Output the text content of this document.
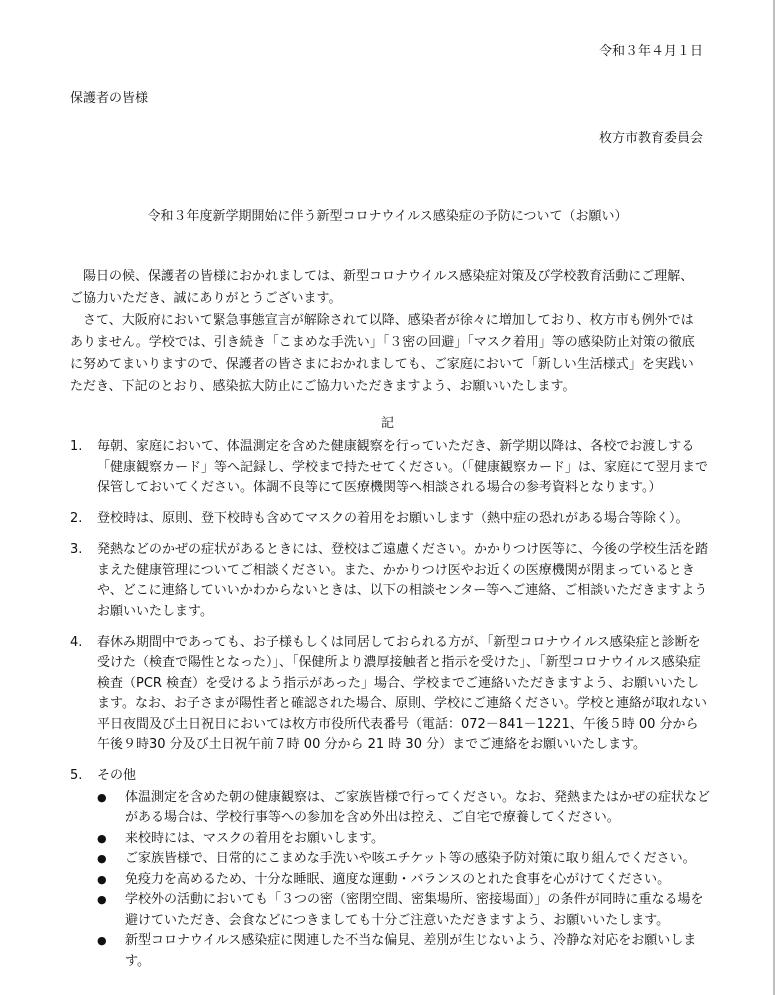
令和３年４月１日
保護者の皆様
枚方市教育委員会
令和３年度新学期開始に伴う新型コロナウイルス感染症の予防について（お願い）

陽日の候、保護者の皆様におかれましては、新型コロナウイルス感染症対策及び学校教育活動にご理解、ご協力いただき、誠にありがとうございます。

さて、大阪府において緊急事態宣言が解除されて以降、感染者が徐々に増加しており、枚方市も例外ではありません。学校では、引き続き「こまめな手洗い」「３密の回避」「マスク着用」等の感染防止対策の徹底に努めてまいりますので、保護者の皆さまにおかれましても、ご家庭において「新しい生活様式」を実践いただき、下記のとおり、感染拡大防止にご協力いただきますよう、お願いいたします。

記
1.	毎朝、家庭において、体温測定を含めた健康観察を行っていただき、新学期以降は、各校でお渡しする「健康観察カード」等へ記録し、学校まで持たせてください。（「健康観察カード」は、家庭にて翌月まで保管しておいてください。体調不良等にて医療機関等へ相談される場合の参考資料となります。）
2.	登校時は、原則、登下校時も含めてマスクの着用をお願いします（熱中症の恐れがある場合等除く）。
3.	発熱などのかぜの症状があるときには、登校はご遠慮ください。かかりつけ医等に、今後の学校生活を踏まえた健康管理についてご相談ください。また、かかりつけ医やお近くの医療機関が閉まっているときや、どこに連絡していいかわからないときは、以下の相談センター等へご連絡、ご相談いただきますようお願いいたします。
4.	春休み期間中であっても、お子様もしくは同居しておられる方が、「新型コロナウイルス感染症と診断を受けた（検査で陽性となった）」、「保健所より濃厚接触者と指示を受けた」、「新型コロナウイルス感染症検査（PCR 検査）を受けるよう指示があった」場合、学校までご連絡いただきますよう、お願いいたします。なお、お子さまが陽性者と確認された場合、原則、学校にご連絡ください。学校と連絡が取れない平日夜間及び土日祝日においては枚方市役所代表番号（電話：072－841－1221、午後５時 00 分から午後９時30 分及び土日祝午前７時 00 分から 21 時 30 分）までご連絡をお願いいたします。
5.	その他
●	体温測定を含めた朝の健康観察は、ご家族皆様で行ってください。なお、発熱またはかぜの症状などがある場合は、学校行事等への参加を含め外出は控え、ご自宅で療養してください。
●	来校時には、マスクの着用をお願いします。
●	ご家族皆様で、日常的にこまめな手洗いや咳エチケット等の感染予防対策に取り組んでください。
●	免疫力を高めるため、十分な睡眠、適度な運動・バランスのとれた食事を心がけてください。
●	学校外の活動においても「３つの密（密閉空間、密集場所、密接場面）」の条件が同時に重なる場を避けていただき、会食などにつきましても十分ご注意いただきますよう、お願いいたします。
●	新型コロナウイルス感染症に関連した不当な偏見、差別が生じないよう、冷静な対応をお願いします。
